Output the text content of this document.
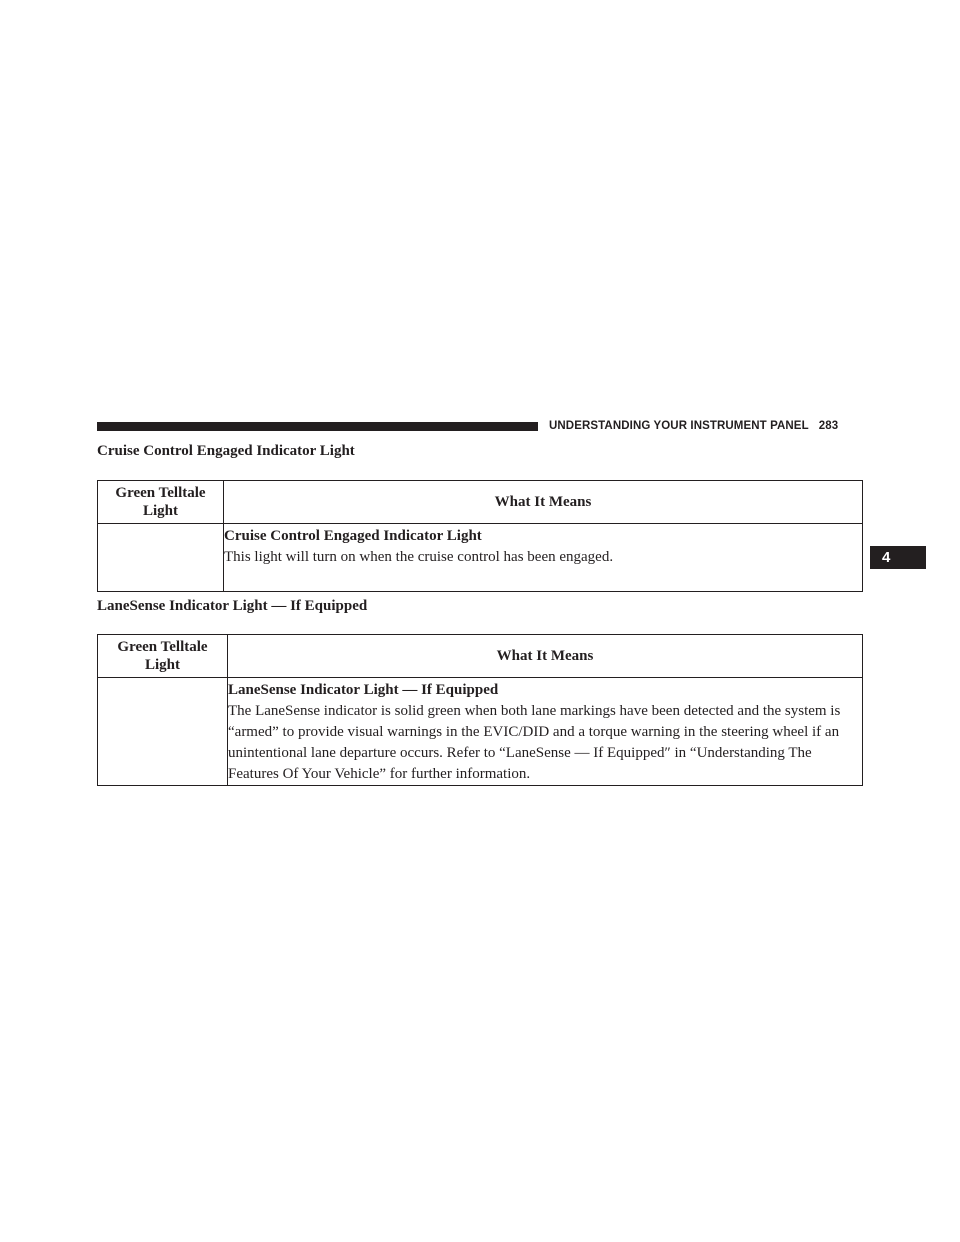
UNDERSTANDING YOUR INSTRUMENT PANEL 283
4
Cruise Control Engaged Indicator Light
Green Telltale Light	What It Means

	Cruise Control Engaged Indicator Light
This light will turn on when the cruise control has been engaged.
LaneSense Indicator Light — If Equipped
Green Telltale Light	What It Means

	LaneSense Indicator Light — If Equipped
The LaneSense indicator is solid green when both lane markings have been detected and the system is “armed” to provide visual warnings in the EVIC/DID and a torque warning in the steering wheel if an unintentional lane departure occurs. Refer to “LaneSense — If Equipped″ in “Understanding The Features Of Your Vehicle” for further information.
